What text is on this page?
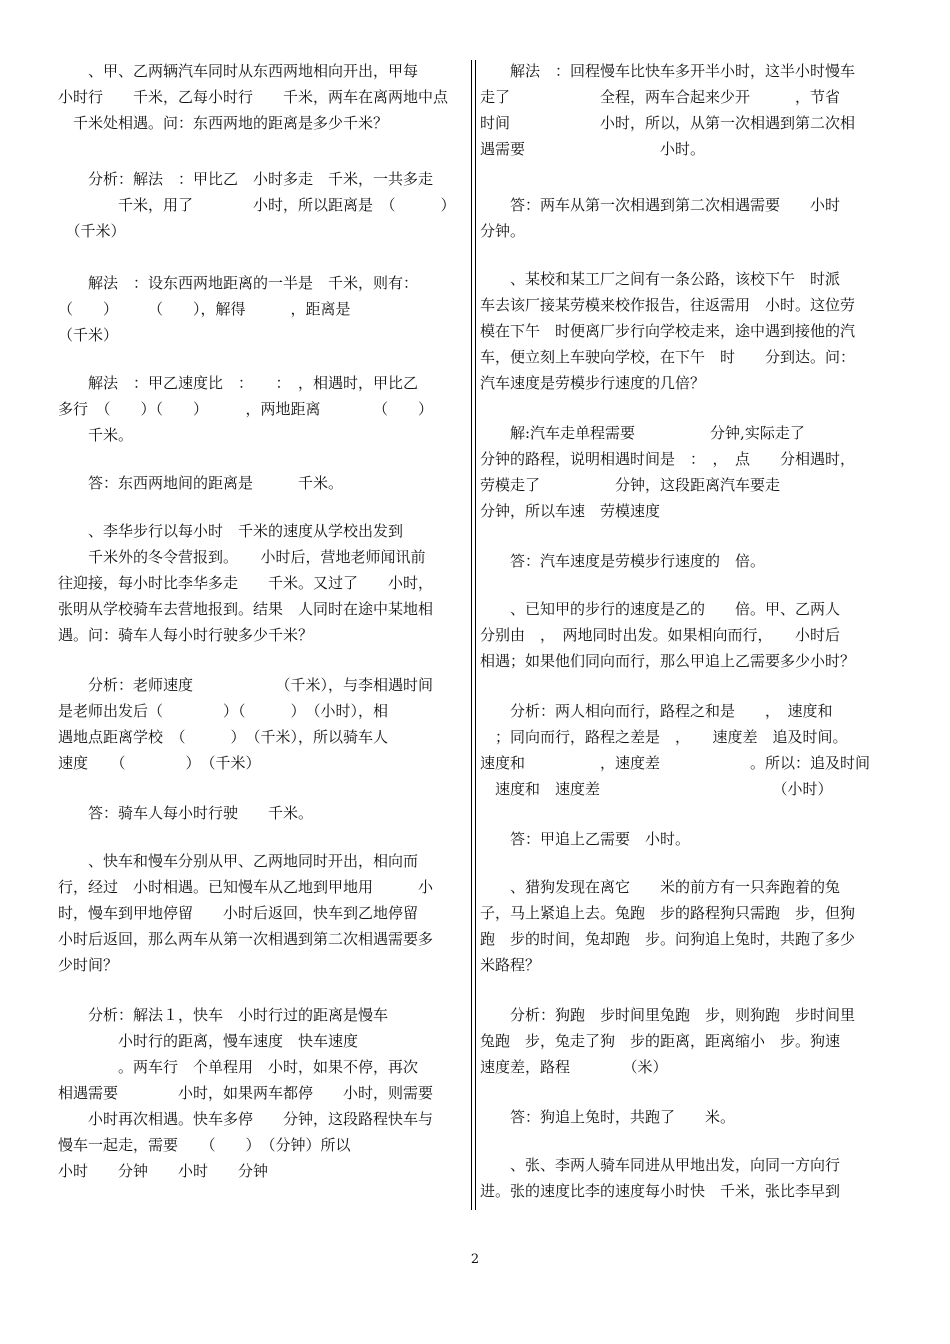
　　、甲、乙两辆汽车同时从东西两地相向开出，甲每
小时行　　千米，乙每小时行　　千米，两车在离两地中点
　千米处相遇。问：东西两地的距离是多少千米？
　　分析：解法　：甲比乙　小时多走　千米，一共多走
　　　　千米，用了　　　　小时，所以距离是　（　　　）
　（千米）
　　解法　：设东西两地距离的一半是　千米，则有：
（　　）　　　（　　），解得　　　，距离是
（千米）
　　解法　：甲乙速度比　：　　：　，相遇时，甲比乙
多行　（　　）（　　）　　　，两地距离　　　　（　　）
　　千米。
　　答：东西两地间的距离是　　　千米。
　　、李华步行以每小时　千米的速度从学校出发到
　　千米外的冬令营报到。　　小时后，营地老师闻讯前
往迎接，每小时比李华多走　　千米。又过了　　小时，
张明从学校骑车去营地报到。结果　人同时在途中某地相
遇。问：骑车人每小时行驶多少千米？
　　分析：老师速度　　　　　　（千米），与李相遇时间
是老师出发后（　　　　）（　　　）　（小时），相
遇地点距离学校　（　　　）　（千米），所以骑车人
速度　　（　　　　）　（千米）
　　答：骑车人每小时行驶　　千米。
　　、快车和慢车分别从甲、乙两地同时开出，相向而
行，经过　小时相遇。已知慢车从乙地到甲地用　　　小
时，慢车到甲地停留　　小时后返回，快车到乙地停留
小时后返回，那么两车从第一次相遇到第二次相遇需要多
少时间？
　　分析：解法１，快车　小时行过的距离是慢车
　　　　小时行的距离，慢车速度　快车速度
　　　　。两车行　个单程用　小时，如果不停，再次
相遇需要　　　　小时，如果两车都停　　小时，则需要
　　小时再次相遇。快车多停　　分钟，这段路程快车与
慢车一起走，需要　　（　　）　（分钟）所以
小时　　分钟　　小时　　分钟
　　解法　：回程慢车比快车多开半小时，这半小时慢车
走了　　　　　　全程，两车合起来少开　　　，节省
时间　　　　　　小时，所以，从第一次相遇到第二次相
遇需要　　　　　　　　　小时。
　　答：两车从第一次相遇到第二次相遇需要　　小时
分钟。
　　、某校和某工厂之间有一条公路，该校下午　时派
车去该厂接某劳模来校作报告，往返需用　小时。这位劳
模在下午　时便离厂步行向学校走来，途中遇到接他的汽
车，便立刻上车驶向学校，在下午　时　　分到达。问：
汽车速度是劳模步行速度的几倍？
　　解:汽车走单程需要　　　　　分钟,实际走了
分钟的路程，说明相遇时间是　：　，　点　　分相遇时，
劳模走了　　　　　分钟，这段距离汽车要走
分钟，所以车速　劳模速度
　　答：汽车速度是劳模步行速度的　倍。
　　、已知甲的步行的速度是乙的　　倍。甲、乙两人
分别由　，　两地同时出发。如果相向而行，　　小时后
相遇；如果他们同向而行，那么甲追上乙需要多少小时？
　　分析：两人相向而行，路程之和是　　，　速度和
　；同向而行，路程之差是　，　　速度差　追及时间。
速度和　　　　　，速度差　　　　　　。所以：追及时间
　速度和　速度差　　　　　　　　　　　　（小时）
　　答：甲追上乙需要　小时。
　　、猎狗发现在离它　　米的前方有一只奔跑着的兔
子，马上紧追上去。兔跑　步的路程狗只需跑　步，但狗
跑　步的时间，兔却跑　步。问狗追上兔时，共跑了多少
米路程？
　　分析：狗跑　步时间里兔跑　步，则狗跑　步时间里
兔跑　步，兔走了狗　步的距离，距离缩小　步。狗速
速度差，路程　　　　（米）
　　答：狗追上兔时，共跑了　　米。
　　、张、李两人骑车同进从甲地出发，向同一方向行
进。张的速度比李的速度每小时快　千米，张比李早到
2
